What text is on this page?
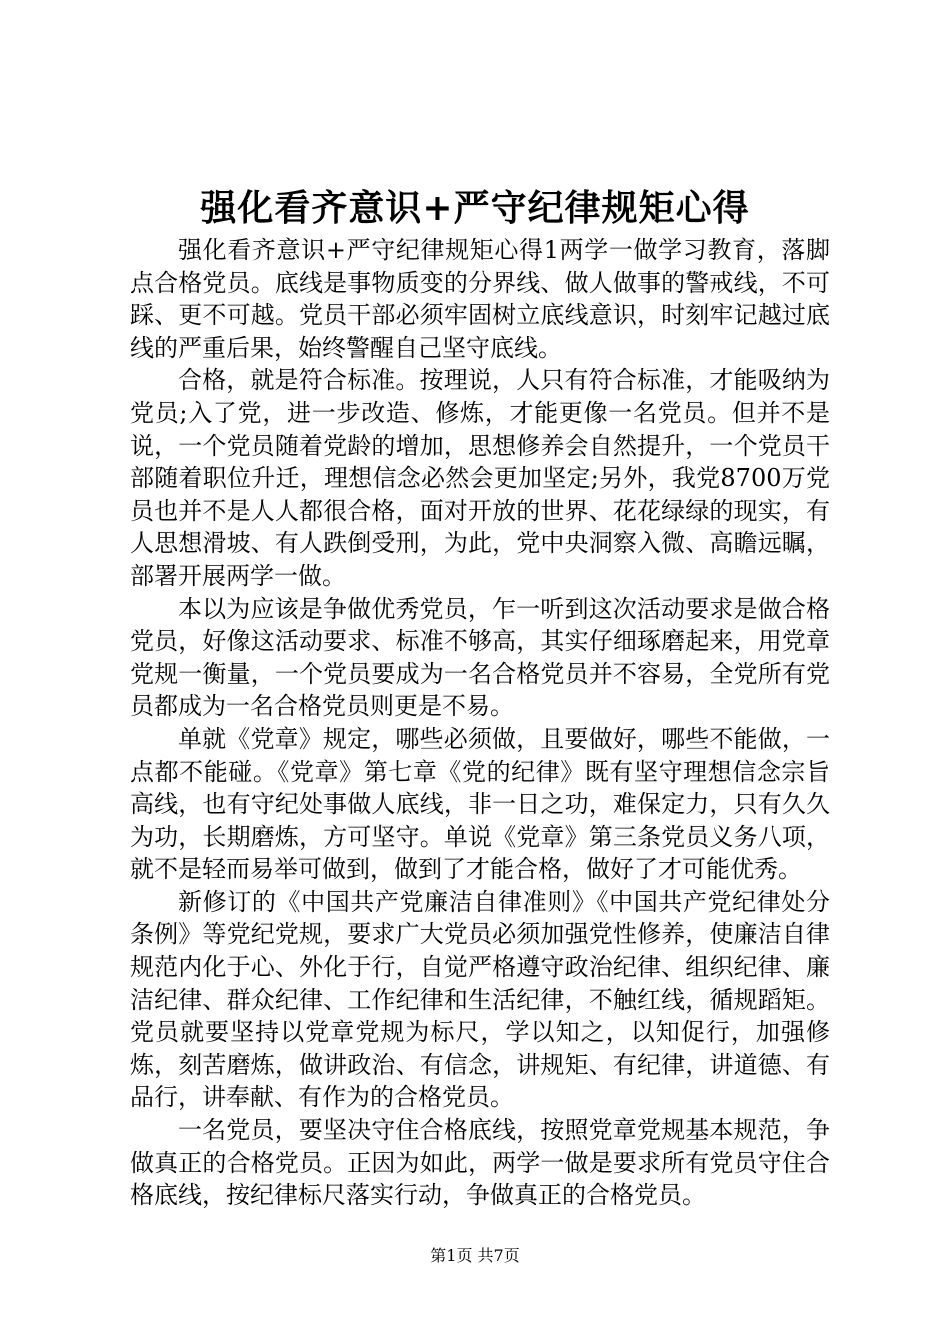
强化看齐意识+严守纪律规矩心得

强化看齐意识+严守纪律规矩心得1两学一做学习教育，落脚点合格党员。底线是事物质变的分界线、做人做事的警戒线，不可踩、更不可越。党员干部必须牢固树立底线意识，时刻牢记越过底线的严重后果，始终警醒自己坚守底线。

合格，就是符合标准。按理说，人只有符合标准，才能吸纳为党员;入了党，进一步改造、修炼，才能更像一名党员。但并不是说，一个党员随着党龄的增加，思想修养会自然提升，一个党员干部随着职位升迁，理想信念必然会更加坚定;另外，我党8700万党员也并不是人人都很合格，面对开放的世界、花花绿绿的现实，有人思想滑坡、有人跌倒受刑，为此，党中央洞察入微、高瞻远瞩，部署开展两学一做。

本以为应该是争做优秀党员，乍一听到这次活动要求是做合格党员，好像这活动要求、标准不够高，其实仔细琢磨起来，用党章党规一衡量，一个党员要成为一名合格党员并不容易，全党所有党员都成为一名合格党员则更是不易。

单就《党章》规定，哪些必须做，且要做好，哪些不能做，一点都不能碰。《党章》第七章《党的纪律》既有坚守理想信念宗旨高线，也有守纪处事做人底线，非一日之功，难保定力，只有久久为功，长期磨炼，方可坚守。单说《党章》第三条党员义务八项，就不是轻而易举可做到，做到了才能合格，做好了才可能优秀。

新修订的《中国共产党廉洁自律准则》《中国共产党纪律处分条例》等党纪党规，要求广大党员必须加强党性修养，使廉洁自律规范内化于心、外化于行，自觉严格遵守政治纪律、组织纪律、廉洁纪律、群众纪律、工作纪律和生活纪律，不触红线，循规蹈矩。党员就要坚持以党章党规为标尺，学以知之，以知促行，加强修炼，刻苦磨炼，做讲政治、有信念，讲规矩、有纪律，讲道德、有品行，讲奉献、有作为的合格党员。

一名党员，要坚决守住合格底线，按照党章党规基本规范，争做真正的合格党员。正因为如此，两学一做是要求所有党员守住合格底线，按纪律标尺落实行动，争做真正的合格党员。

第1页 共7页
